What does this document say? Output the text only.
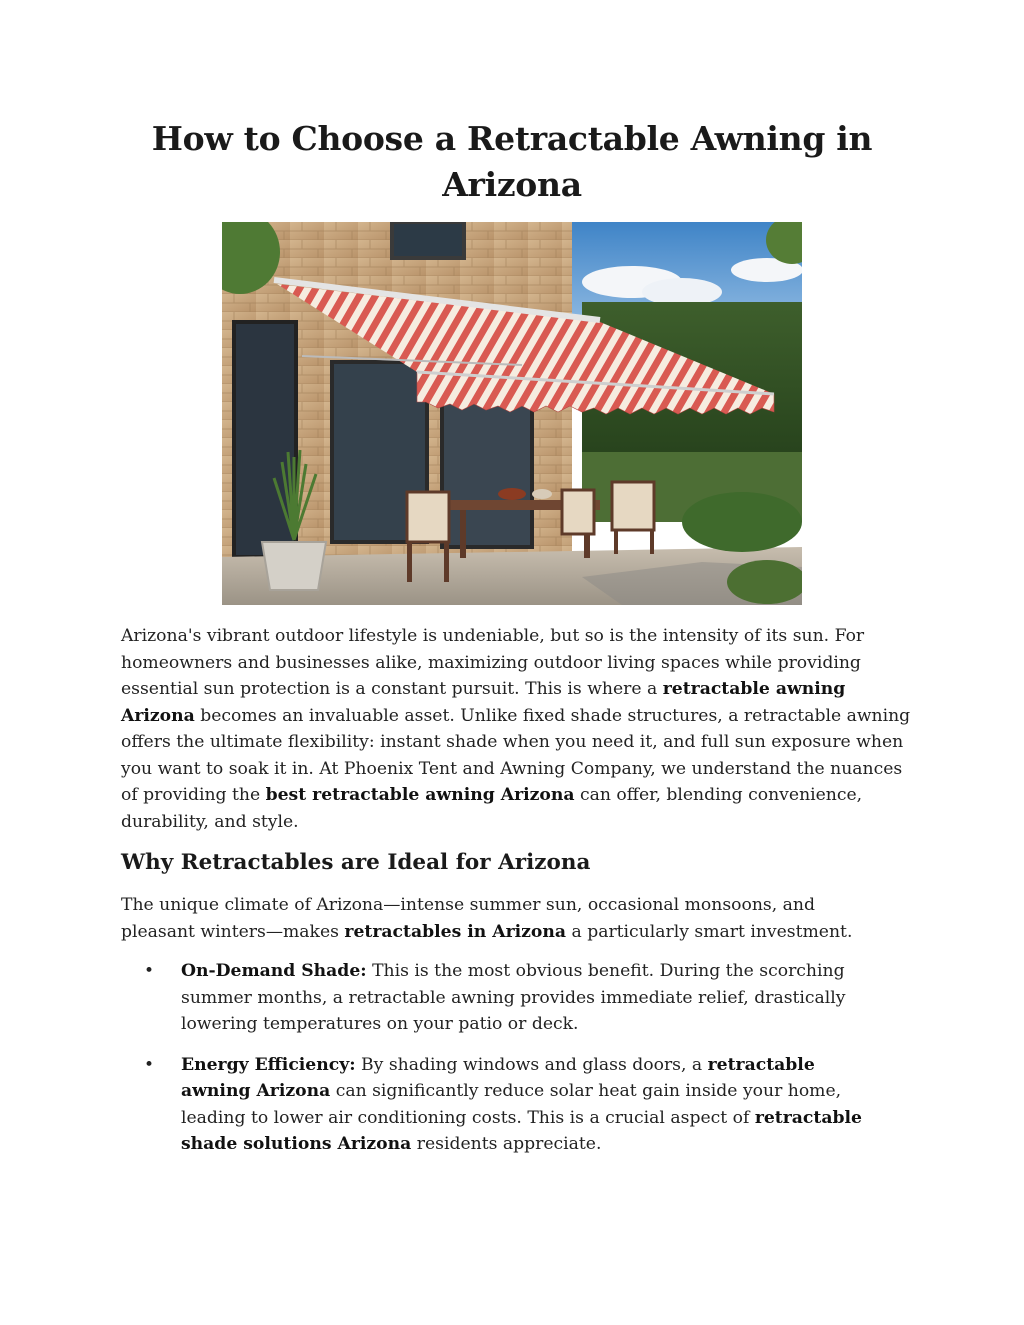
How to Choose a Retractable Awning in Arizona

Arizona's vibrant outdoor lifestyle is undeniable, but so is the intensity of its sun. For homeowners and businesses alike, maximizing outdoor living spaces while providing essential sun protection is a constant pursuit. This is where a retractable awning Arizona becomes an invaluable asset. Unlike fixed shade structures, a retractable awning offers the ultimate flexibility: instant shade when you need it, and full sun exposure when you want to soak it in. At Phoenix Tent and Awning Company, we understand the nuances of providing the best retractable awning Arizona can offer, blending convenience, durability, and style.

Why Retractables are Ideal for Arizona

The unique climate of Arizona—intense summer sun, occasional monsoons, and pleasant winters—makes retractables in Arizona a particularly smart investment.

• On-Demand Shade: This is the most obvious benefit. During the scorching summer months, a retractable awning provides immediate relief, drastically lowering temperatures on your patio or deck.
• Energy Efficiency: By shading windows and glass doors, a retractable awning Arizona can significantly reduce solar heat gain inside your home, leading to lower air conditioning costs. This is a crucial aspect of retractable shade solutions Arizona residents appreciate.
